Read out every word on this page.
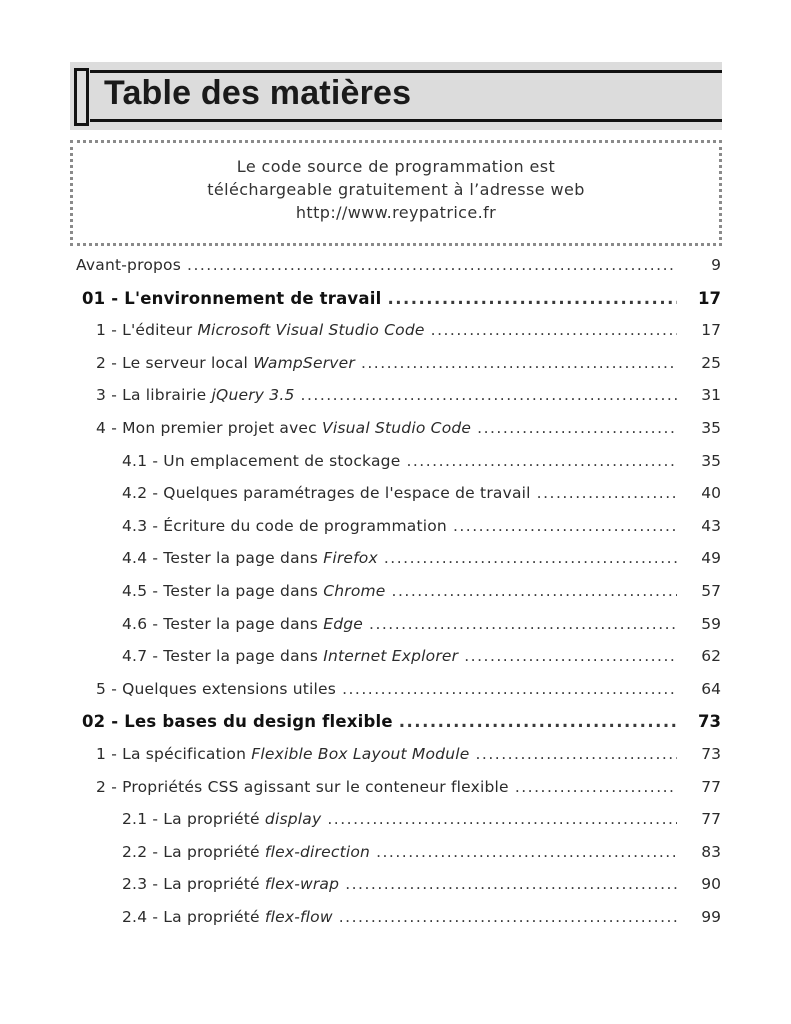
Table des matières
Le code source de programmation est
téléchargeable gratuitement à l’adresse web
http://www.reypatrice.fr
Avant-propos .....	9
01 - L'environnement de travail .....	17
1 - L'éditeur Microsoft Visual Studio Code .....	17
2 - Le serveur local WampServer .....	25
3 - La librairie jQuery 3.5 .....	31
4 - Mon premier projet avec Visual Studio Code .....	35
4.1 - Un emplacement de stockage .....	35
4.2 - Quelques paramétrages de l'espace de travail .....	40
4.3 - Écriture du code de programmation .....	43
4.4 - Tester la page dans Firefox .....	49
4.5 - Tester la page dans Chrome .....	57
4.6 - Tester la page dans Edge .....	59
4.7 - Tester la page dans Internet Explorer .....	62
5 - Quelques extensions utiles .....	64
02 - Les bases du design flexible .....	73
1 - La spécification Flexible Box Layout Module .....	73
2 - Propriétés CSS agissant sur le conteneur flexible .....	77
2.1 - La propriété display .....	77
2.2 - La propriété flex-direction .....	83
2.3 - La propriété flex-wrap .....	90
2.4 - La propriété flex-flow .....	99
